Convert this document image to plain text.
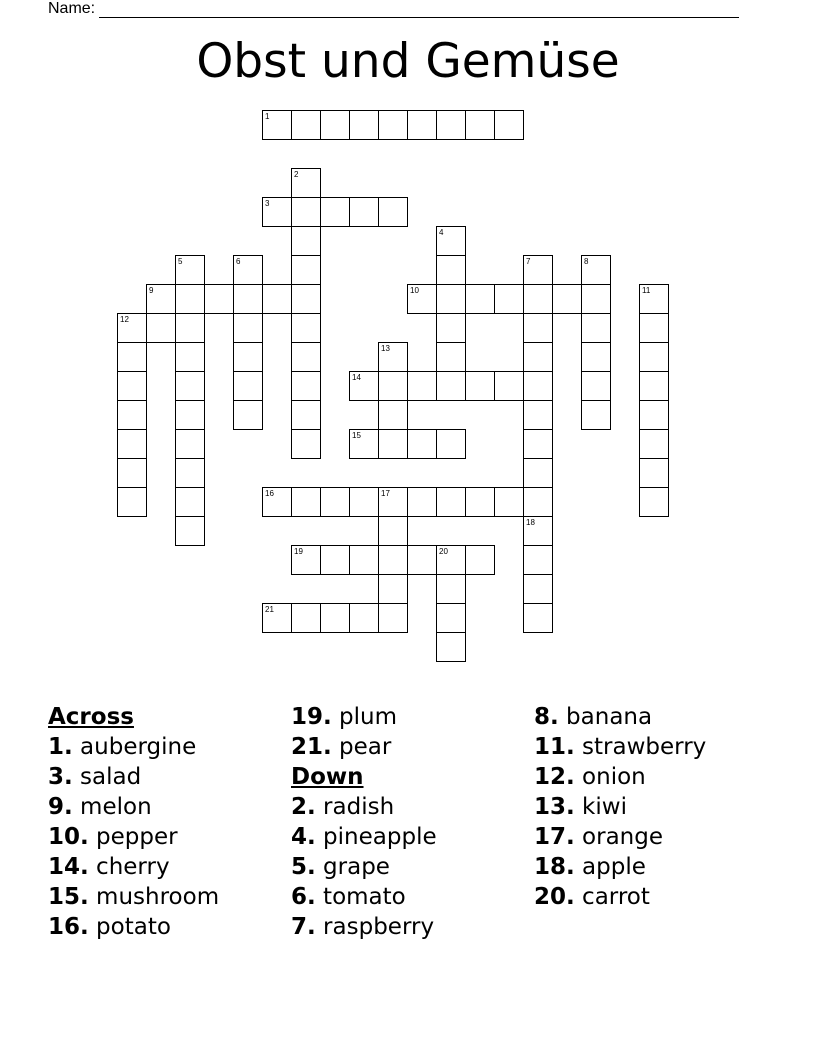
Name:
Obst und Gemüse
1
2
3
4
5	6	7	8
9	10	11
12
13
14
15
16	17
18
19	20
21
Across
1. aubergine
3. salad
9. melon
10. pepper
14. cherry
15. mushroom
16. potato
19. plum
21. pear
Down
2. radish
4. pineapple
5. grape
6. tomato
7. raspberry
8. banana
11. strawberry
12. onion
13. kiwi
17. orange
18. apple
20. carrot
